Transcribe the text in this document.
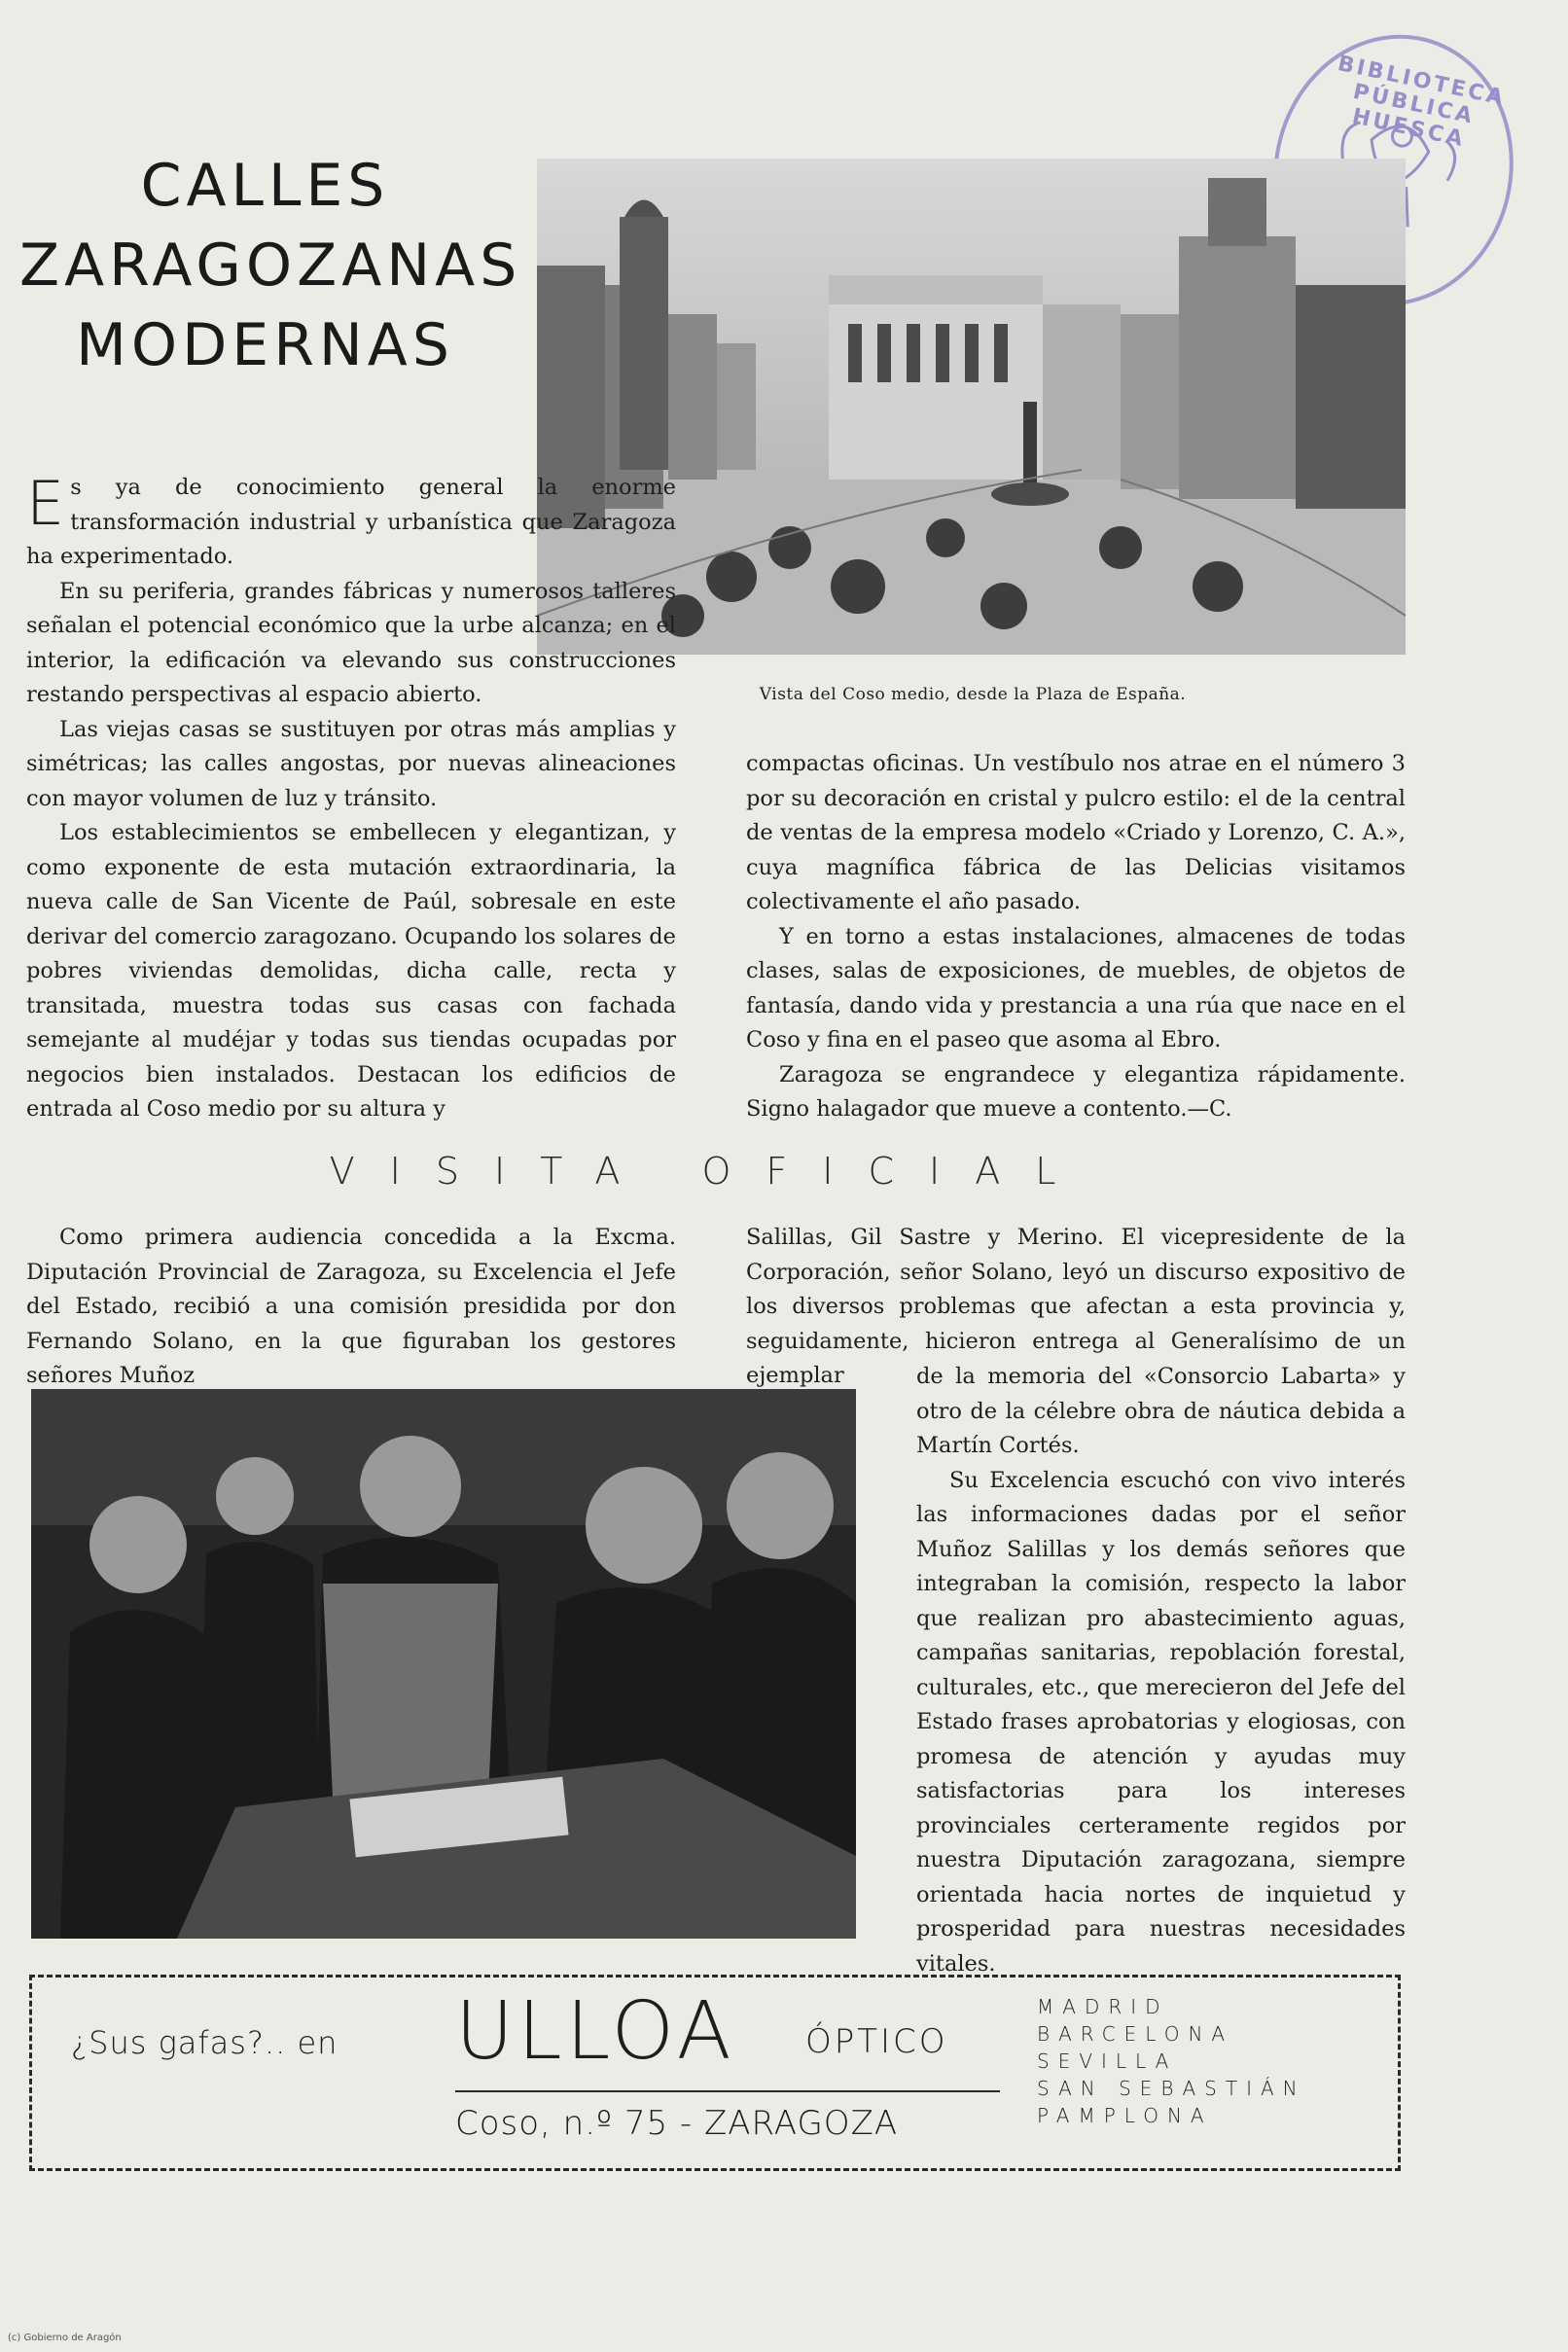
BIBLIOTECA PÚBLICA HUESCA
CALLES
ZARAGOZANAS
MODERNAS
Vista del Coso medio, desde la Plaza de España.

Es ya de conocimiento general la enorme transformación industrial y urbanística que Zaragoza ha experimentado.

En su periferia, grandes fábricas y numerosos talleres señalan el potencial económico que la urbe alcanza; en el interior, la edificación va elevando sus construcciones restando perspectivas al espacio abierto.

Las viejas casas se sustituyen por otras más amplias y simétricas; las calles angostas, por nuevas alineaciones con mayor volumen de luz y tránsito.

Los establecimientos se embellecen y elegantizan, y como exponente de esta mutación extraordinaria, la nueva calle de San Vicente de Paúl, sobresale en este derivar del comercio zaragozano. Ocupando los solares de pobres viviendas demolidas, dicha calle, recta y transitada, muestra todas sus casas con fachada semejante al mudéjar y todas sus tiendas ocupadas por negocios bien instalados. Destacan los edificios de entrada al Coso medio por su altura y

compactas oficinas. Un vestíbulo nos atrae en el número 3 por su decoración en cristal y pulcro estilo: el de la central de ventas de la empresa modelo «Criado y Lorenzo, C. A.», cuya magnífica fábrica de las Delicias visitamos colectivamente el año pasado.

Y en torno a estas instalaciones, almacenes de todas clases, salas de exposiciones, de muebles, de objetos de fantasía, dando vida y prestancia a una rúa que nace en el Coso y fina en el paseo que asoma al Ebro.

Zaragoza se engrandece y elegantiza rápidamente. Signo halagador que mueve a contento.—C.

VISITA OFICIAL

Como primera audiencia concedida a la Excma. Diputación Provincial de Zaragoza, su Excelencia el Jefe del Estado, recibió a una comisión presidida por don Fernando Solano, en la que figuraban los gestores señores Muñoz

Salillas, Gil Sastre y Merino. El vicepresidente de la Corporación, señor Solano, leyó un discurso expositivo de los diversos problemas que afectan a esta provincia y, seguidamente, hicieron entrega al Generalísimo de un ejemplar	de la memoria del «Consorcio Labarta» y otro de la célebre obra de náutica debida a Martín Cortés.

Su Excelencia escuchó con vivo interés las informaciones dadas por el señor Muñoz Salillas y los demás señores que integraban la comisión, respecto la labor que realizan pro abastecimiento aguas, campañas sanitarias, repoblación forestal, culturales, etc., que merecieron del Jefe del Estado frases aprobatorias y elogiosas, con promesa de atención y ayudas muy satisfactorias para los intereses provinciales certeramente regidos por nuestra Diputación zaragozana, siempre orientada hacia nortes de inquietud y prosperidad para nuestras necesidades vitales.

¿Sus gafas?.. en ULLOA ÓPTICO
Coso, n.º 75 - ZARAGOZA
MADRID
BARCELONA
SEVILLA
SAN SEBASTIÁN
PAMPLONA
(c) Gobierno de Aragón
